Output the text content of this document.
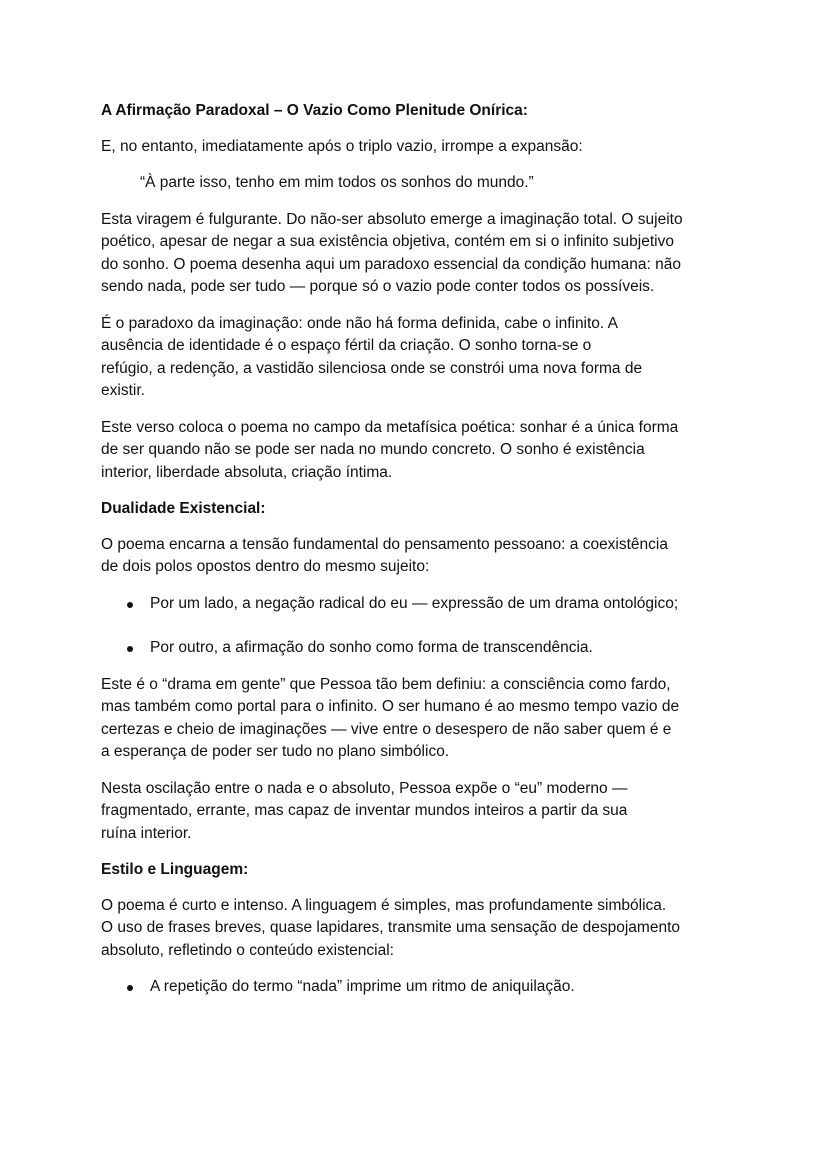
A Afirmação Paradoxal – O Vazio Como Plenitude Onírica:

E, no entanto, imediatamente após o triplo vazio, irrompe a expansão:

“À parte isso, tenho em mim todos os sonhos do mundo.”

Esta viragem é fulgurante. Do não-ser absoluto emerge a imaginação total. O sujeito
poético, apesar de negar a sua existência objetiva, contém em si o infinito subjetivo
do sonho. O poema desenha aqui um paradoxo essencial da condição humana: não
sendo nada, pode ser tudo — porque só o vazio pode conter todos os possíveis.

É o paradoxo da imaginação: onde não há forma definida, cabe o infinito. A
ausência de identidade é o espaço fértil da criação. O sonho torna-se o
refúgio, a redenção, a vastidão silenciosa onde se constrói uma nova forma de
existir.

Este verso coloca o poema no campo da metafísica poética: sonhar é a única forma
de ser quando não se pode ser nada no mundo concreto. O sonho é existência
interior, liberdade absoluta, criação íntima.

Dualidade Existencial:

O poema encarna a tensão fundamental do pensamento pessoano: a coexistência
de dois polos opostos dentro do mesmo sujeito:

Por um lado, a negação radical do eu — expressão de um drama ontológico;
Por outro, a afirmação do sonho como forma de transcendência.

Este é o “drama em gente” que Pessoa tão bem definiu: a consciência como fardo,
mas também como portal para o infinito. O ser humano é ao mesmo tempo vazio de
certezas e cheio de imaginações — vive entre o desespero de não saber quem é e
a esperança de poder ser tudo no plano simbólico.

Nesta oscilação entre o nada e o absoluto, Pessoa expõe o “eu” moderno —
fragmentado, errante, mas capaz de inventar mundos inteiros a partir da sua
ruína interior.

Estilo e Linguagem:

O poema é curto e intenso. A linguagem é simples, mas profundamente simbólica.
O uso de frases breves, quase lapidares, transmite uma sensação de despojamento
absoluto, refletindo o conteúdo existencial:

A repetição do termo “nada” imprime um ritmo de aniquilação.
